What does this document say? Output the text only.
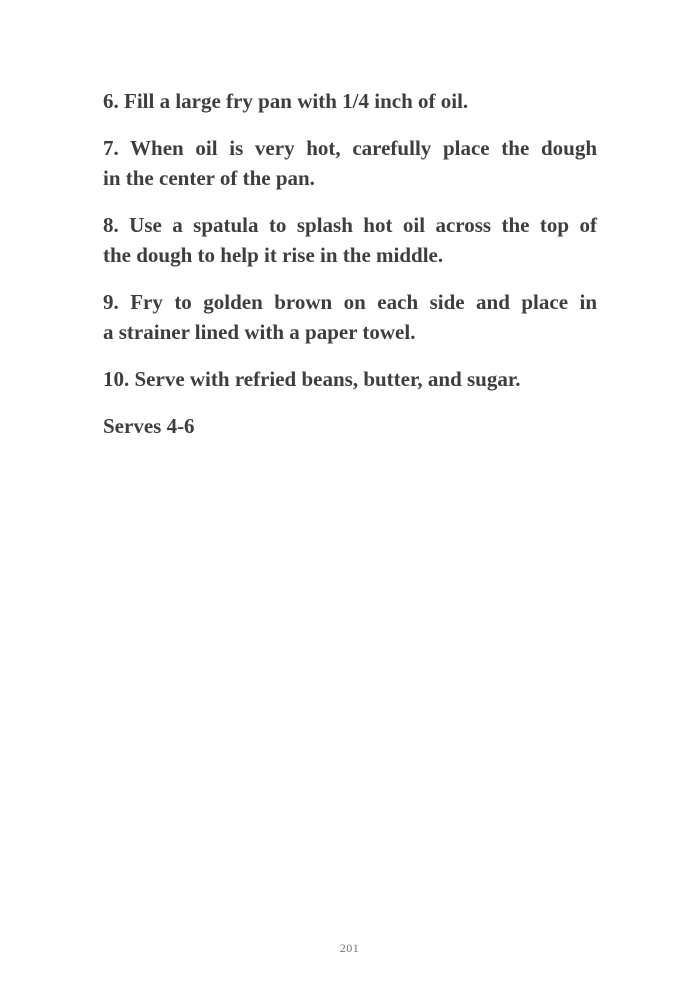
6. Fill a large fry pan with 1/4 inch of oil.

7. When oil is very hot, carefully place the dough
in the center of the pan.

8. Use a spatula to splash hot oil across the top of
the dough to help it rise in the middle.

9. Fry to golden brown on each side and place in
a strainer lined with a paper towel.

10. Serve with refried beans, butter, and sugar.

Serves 4-6

201
